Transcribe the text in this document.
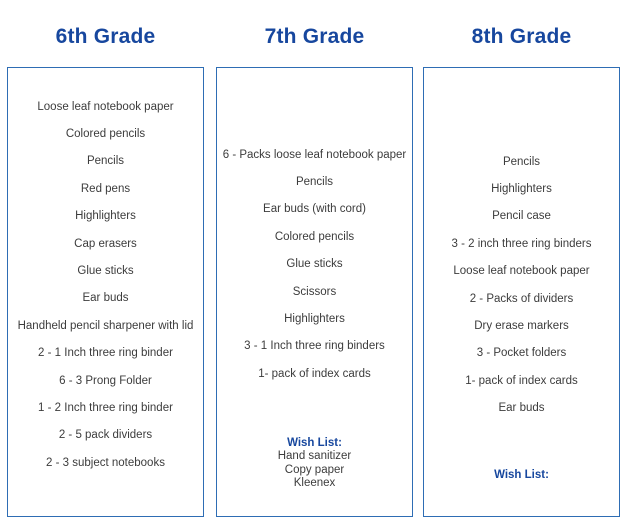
6th Grade
Loose leaf notebook paper
Colored pencils
Pencils
Red pens
Highlighters
Cap erasers
Glue sticks
Ear buds
Handheld pencil sharpener with lid
2 - 1 Inch three ring binder
6 - 3 Prong Folder
1 - 2 Inch three ring binder
2 - 5 pack dividers
2 - 3 subject notebooks
7th Grade
6 - Packs loose leaf notebook paper
Pencils
Ear buds (with cord)
Colored pencils
Glue sticks
Scissors
Highlighters
3 - 1 Inch three ring binders
1- pack of index cards
Wish List:
Hand sanitizer
Copy paper
Kleenex
8th Grade
Pencils
Highlighters
Pencil case
3 - 2 inch three ring binders
Loose leaf notebook paper
2 - Packs of dividers
Dry erase markers
3 - Pocket folders
1- pack of index cards
Ear buds
Wish List:
